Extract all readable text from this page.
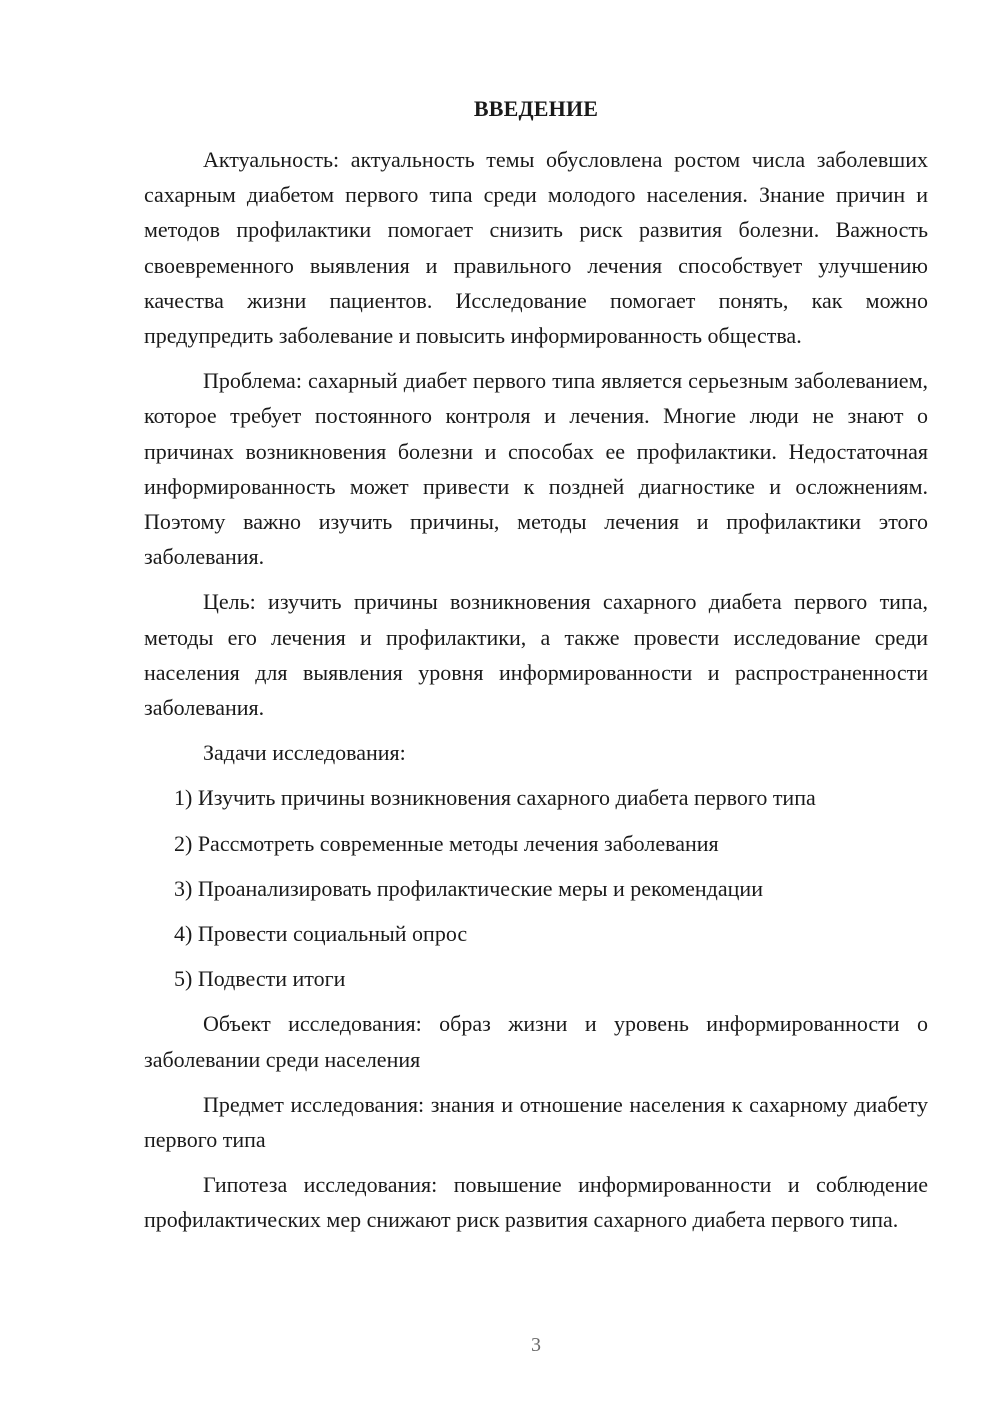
ВВЕДЕНИЕ

Актуальность: актуальность темы обусловлена ростом числа заболевших сахарным диабетом первого типа среди молодого населения. Знание причин и методов профилактики помогает снизить риск развития болезни. Важность своевременного выявления и правильного лечения способствует улучшению качества жизни пациентов. Исследование помогает понять, как можно предупредить заболевание и повысить информированность общества.

Проблема: сахарный диабет первого типа является серьезным заболеванием, которое требует постоянного контроля и лечения. Многие люди не знают о причинах возникновения болезни и способах ее профилактики. Недостаточная информированность может привести к поздней диагностике и осложнениям. Поэтому важно изучить причины, методы лечения и профилактики этого заболевания.

Цель: изучить причины возникновения сахарного диабета первого типа, методы его лечения и профилактики, а также провести исследование среди населения для выявления уровня информированности и распространенности заболевания.

Задачи исследования:

1) Изучить причины возникновения сахарного диабета первого типа

2) Рассмотреть современные методы лечения заболевания

3) Проанализировать профилактические меры и рекомендации

4) Провести социальный опрос

5) Подвести итоги

Объект исследования: образ жизни и уровень информированности о заболевании среди населения

Предмет исследования: знания и отношение населения к сахарному диабету первого типа

Гипотеза исследования: повышение информированности и соблюдение профилактических мер снижают риск развития сахарного диабета первого типа.

3
